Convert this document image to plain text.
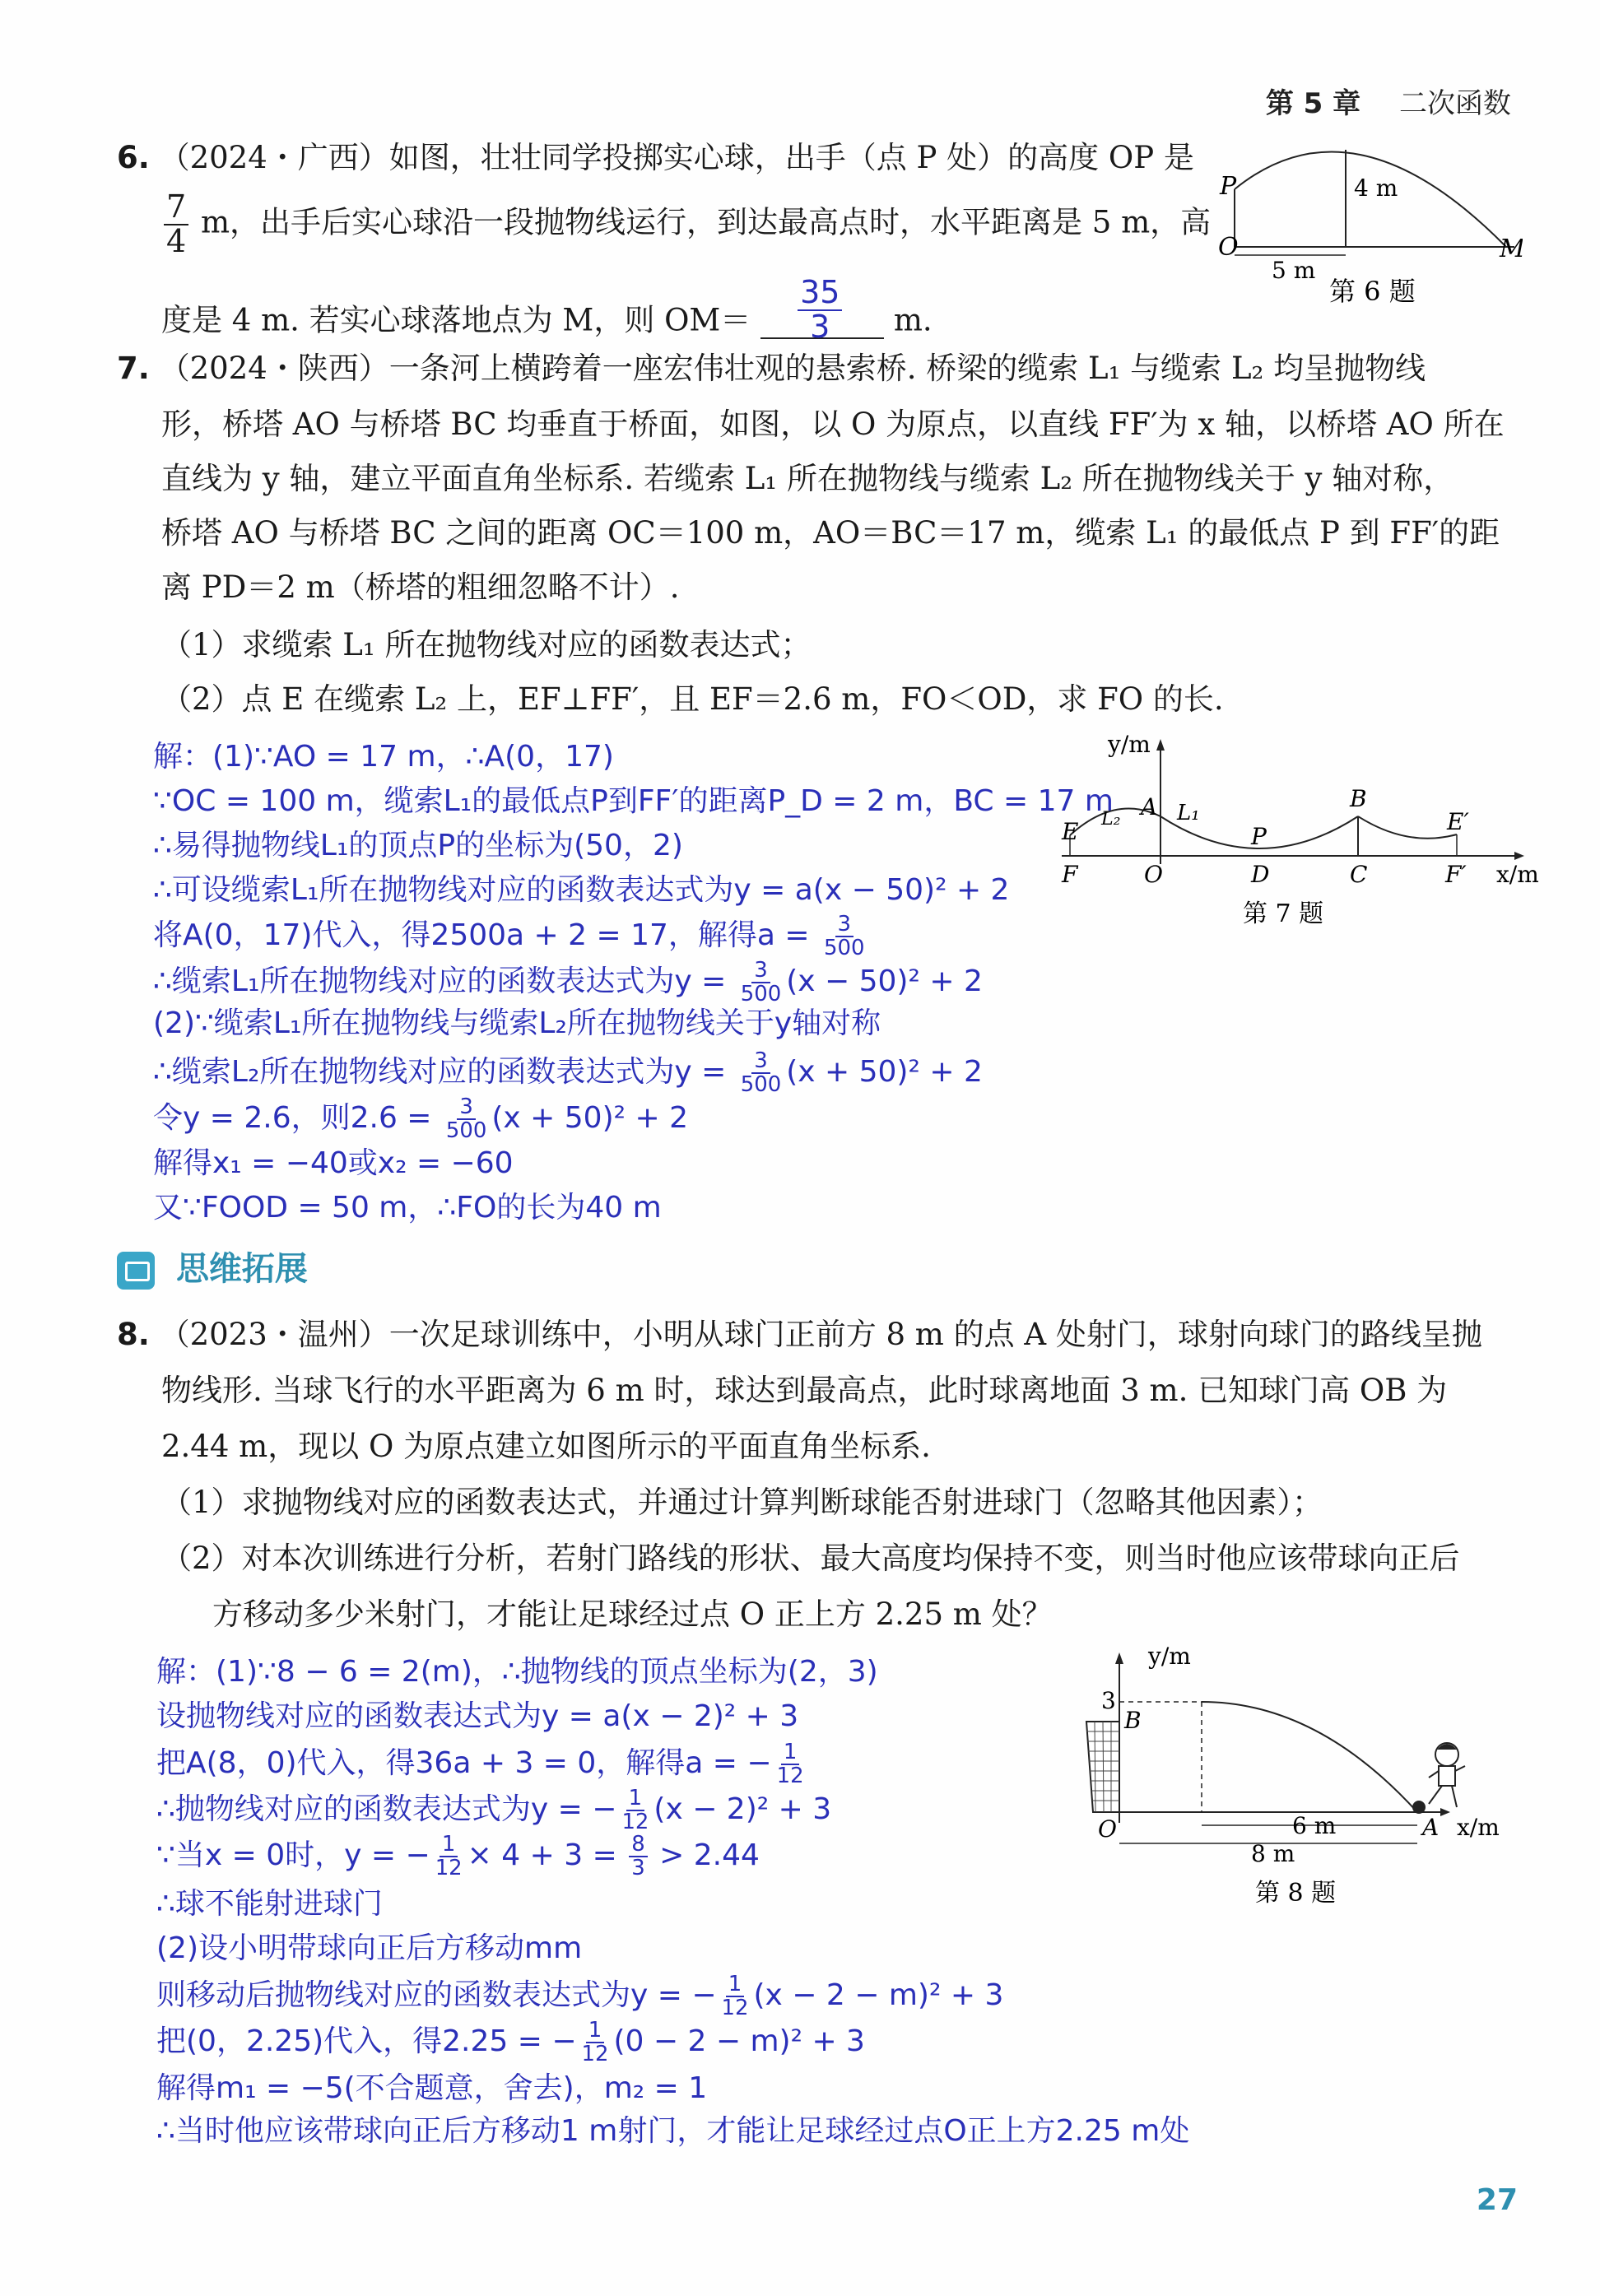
第 5 章 二次函数
6. （2024・广西）如图，壮壮同学投掷实心球，出手（点 P 处）的高度 OP 是
$\frac{7}{4}$ m，出手后实心球沿一段抛物线运行，到达最高点时，水平距离是 5 m，高
度是 4 m. 若实心球落地点为 M，则 $OM= \frac{35}{3} m$.
P
O	M
4 m
5 m
第 6 题
7. （2024・陕西）一条河上横跨着一座宏伟壮观的悬索桥. 桥梁的缆索 L₁ 与缆索 L₂ 均呈抛物线
形，桥塔 AO 与桥塔 BC 均垂直于桥面，如图，以 O 为原点，以直线 FF′为 x 轴，以桥塔 AO 所在
直线为 y 轴，建立平面直角坐标系. 若缆索 L₁ 所在抛物线与缆索 L₂ 所在抛物线关于 y 轴对称，
桥塔 AO 与桥塔 BC 之间的距离 OC＝100 m，AO＝BC＝17 m，缆索 L₁ 的最低点 P 到 FF′的距
离 PD＝2 m（桥塔的粗细忽略不计）.
（1）求缆索 L₁ 所在抛物线对应的函数表达式；
（2）点 E 在缆索 L₂ 上，EF⊥FF′，且 EF＝2.6 m，FO＜OD，求 FO 的长.
解：(1)∵AO = 17 m，∴A(0，17)
∵OC = 100 m，缆索L₁的最低点P到FF′的距离P_D = 2 m，BC = 17 m
∴易得抛物线L₁的顶点P的坐标为(50，2)
∴可设缆索L₁所在抛物线对应的函数表达式为y = a(x − 50)² + 2
将A(0，17)代入，得2500a + 2 = 17，解得$a = \frac{3}{500}$
∴缆索L₁所在抛物线对应的函数表达式为$y = \frac{3}{500} (x - 50)^2 + 2$
(2)∵缆索L₁所在抛物线与缆索L₂所在抛物线关于y轴对称
∴缆索L₂所在抛物线对应的函数表达式为$y = \frac{3}{500} (x + 50)^2 + 2$
令y = 2.6，则$2.6 = \frac{3}{500} (x + 50)^2 + 2$
解得x₁ = −40或x₂ = −60
又∵FOOD = 50 m，∴FO的长为40 m
y/m
x/m
E L₂ A L₁
P
B
E′
F	O	D	C	F′
第 7 题
思维拓展
8. （2023・温州）一次足球训练中，小明从球门正前方 8 m 的点 A 处射门，球射向球门的路线呈抛
物线形. 当球飞行的水平距离为 6 m 时，球达到最高点，此时球离地面 3 m. 已知球门高 OB 为
2.44 m，现以 O 为原点建立如图所示的平面直角坐标系.
（1）求抛物线对应的函数表达式，并通过计算判断球能否射进球门（忽略其他因素）；
（2）对本次训练进行分析，若射门路线的形状、最大高度均保持不变，则当时他应该带球向正后
方移动多少米射门，才能让足球经过点 O 正上方 2.25 m 处？
解：(1)∵8 − 6 = 2(m)，∴抛物线的顶点坐标为(2，3)
设抛物线对应的函数表达式为y = a(x − 2)² + 3
把A(8，0)代入，得36a + 3 = 0，解得a = − $\frac{1}{12}$
∴抛物线对应的函数表达式为y = − $\frac{1}{12} (x - 2)^2 + 3$
∵当x = 0时，y = − $\frac{1}{12} \times 4 + 3 = \frac{8}{3} > 2.44$
∴球不能射进球门
(2)设小明带球向正后方移动mm
则移动后抛物线对应的函数表达式为y = − $\frac{1}{12} (x - 2 - m)^2 + 3$
把(0，2.25)代入，得2.25 = − $\frac{1}{12} (0 - 2 - m)^2 + 3$
解得m₁ = −5(不合题意，舍去)，m₂ = 1
∴当时他应该带球向正后方移动1 m射门，才能让足球经过点O正上方2.25 m处
y/m
x/m
3
B
O	A
6 m
8 m
第 8 题
27
